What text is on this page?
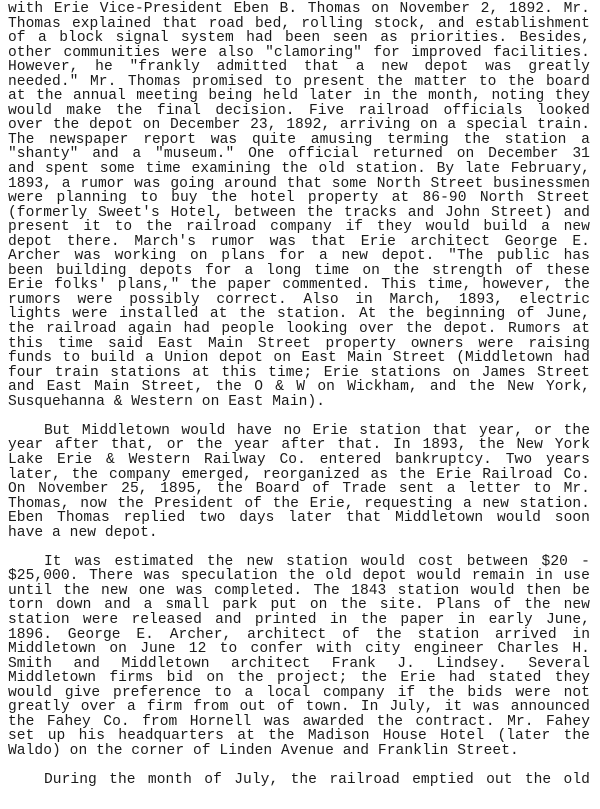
with Erie Vice-President Eben B. Thomas on November 2, 1892. Mr.
Thomas explained that road bed, rolling stock, and establishment
of a block signal system had been seen as priorities. Besides,
other communities were also "clamoring" for improved facilities.
However, he "frankly admitted that a new depot was greatly
needed." Mr. Thomas promised to present the matter to the board
at the annual meeting being held later in the month, noting they
would make the final decision. Five railroad officials looked
over the depot on December 23, 1892, arriving on a special train.
The newspaper report was quite amusing terming the station a
"shanty" and a "museum." One official returned on December 31
and spent some time examining the old station. By late February,
1893, a rumor was going around that some North Street businessmen
were planning to buy the hotel property at 86-90 North Street
(formerly Sweet's Hotel, between the tracks and John Street) and
present it to the railroad company if they would build a new
depot there. March's rumor was that Erie architect George E.
Archer was working on plans for a new depot. "The public has
been building depots for a long time on the strength of these
Erie folks' plans," the paper commented. This time, however, the
rumors were possibly correct. Also in March, 1893, electric
lights were installed at the station. At the beginning of June,
the railroad again had people looking over the depot. Rumors at
this time said East Main Street property owners were raising
funds to build a Union depot on East Main Street (Middletown had
four train stations at this time; Erie stations on James Street
and East Main Street, the O & W on Wickham, and the New York,
Susquehanna & Western on East Main).
But Middletown would have no Erie station that year, or the
year after that, or the year after that. In 1893, the New York
Lake Erie & Western Railway Co. entered bankruptcy. Two years
later, the company emerged, reorganized as the Erie Railroad Co.
On November 25, 1895, the Board of Trade sent a letter to Mr.
Thomas, now the President of the Erie, requesting a new station.
Eben Thomas replied two days later that Middletown would soon
have a new depot.
It was estimated the new station would cost between $20 -
$25,000. There was speculation the old depot would remain in use
until the new one was completed. The 1843 station would then be
torn down and a small park put on the site. Plans of the new
station were released and printed in the paper in early June,
1896. George E. Archer, architect of the station arrived in
Middletown on June 12 to confer with city engineer Charles H.
Smith and Middletown architect Frank J. Lindsey. Several
Middletown firms bid on the project; the Erie had stated they
would give preference to a local company if the bids were not
greatly over a firm from out of town. In July, it was announced
the Fahey Co. from Hornell was awarded the contract. Mr. Fahey
set up his headquarters at the Madison House Hotel (later the
Waldo) on the corner of Linden Avenue and Franklin Street.
During the month of July, the railroad emptied out the old
